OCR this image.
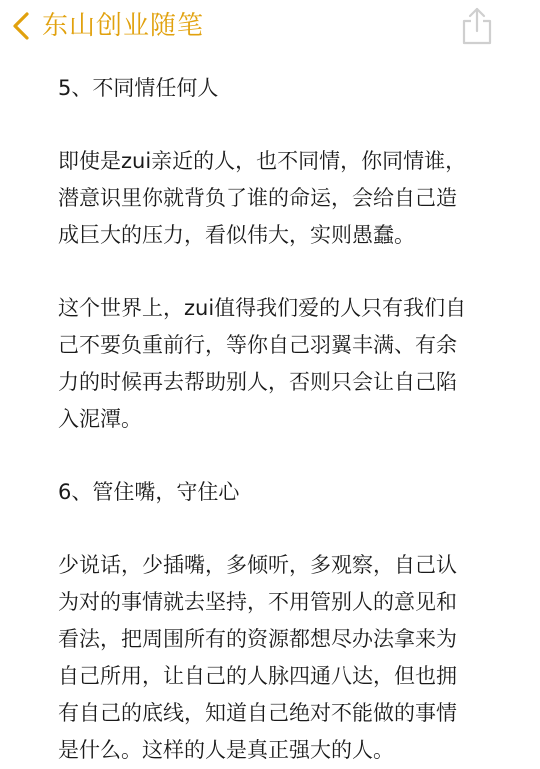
东山创业随笔

5、不同情任何人

即使是zui亲近的人，也不同情，你同情谁，

潜意识里你就背负了谁的命运，会给自己造

成巨大的压力，看似伟大，实则愚蠢。

这个世界上，zui值得我们爱的人只有我们自

己不要负重前行，等你自己羽翼丰满、有余

力的时候再去帮助别人，否则只会让自己陷

入泥潭。

6、管住嘴，守住心

少说话，少插嘴，多倾听，多观察，自己认

为对的事情就去坚持，不用管别人的意见和

看法，把周围所有的资源都想尽办法拿来为

自己所用，让自己的人脉四通八达，但也拥

有自己的底线，知道自己绝对不能做的事情

是什么。这样的人是真正强大的人。
